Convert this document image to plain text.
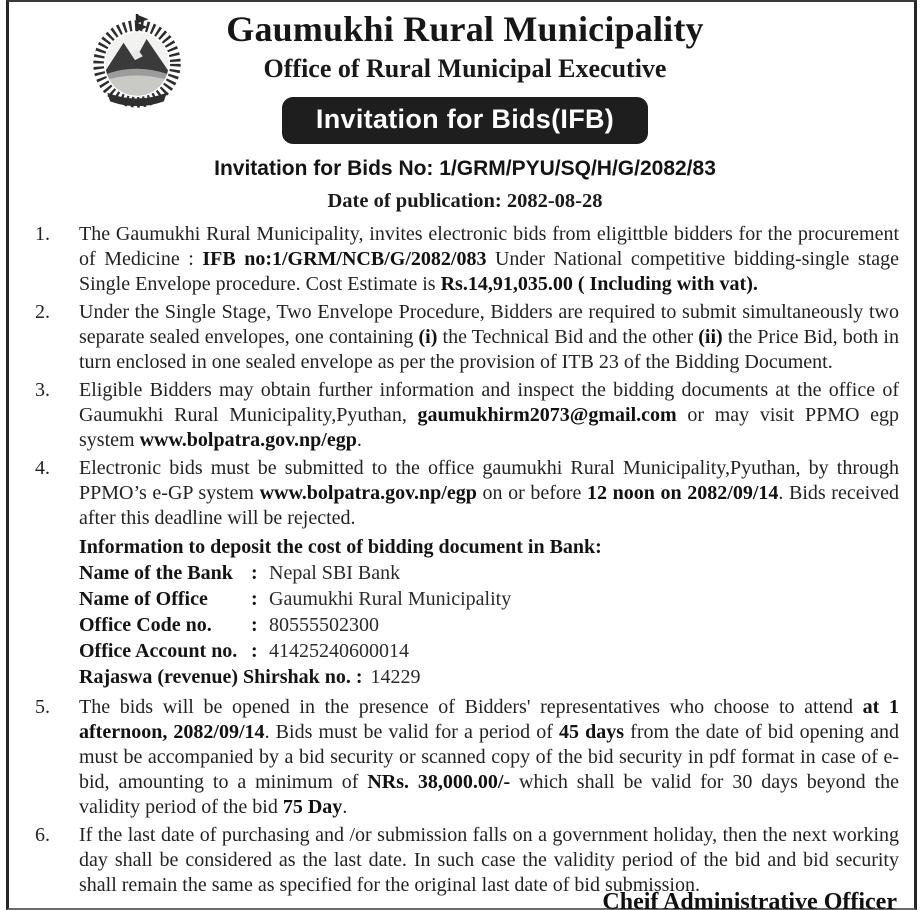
Gaumukhi Rural Municipality
Office of Rural Municipal Executive
Invitation for Bids(IFB)
Invitation for Bids No: 1/GRM/PYU/SQ/H/G/2082/83
Date of publication: 2082-08-28
1.	The Gaumukhi Rural Municipality, invites electronic bids from eligittble bidders for the procurement of Medicine : IFB no:1/GRM/NCB/G/2082/083 Under National competitive bidding-single stage Single Envelope procedure. Cost Estimate is Rs.14,91,035.00 ( Including with vat).
2.	Under the Single Stage, Two Envelope Procedure, Bidders are required to submit simultaneously two separate sealed envelopes, one containing (i) the Technical Bid and the other (ii) the Price Bid, both in turn enclosed in one sealed envelope as per the provision of ITB 23 of the Bidding Document.
3.	Eligible Bidders may obtain further information and inspect the bidding documents at the office of Gaumukhi Rural Municipality,Pyuthan, gaumukhirm2073@gmail.com or may visit PPMO egp system www.bolpatra.gov.np/egp.
4.	Electronic bids must be submitted to the office gaumukhi Rural Municipality,Pyuthan, by through PPMO’s e-GP system www.bolpatra.gov.np/egp on or before 12 noon on 2082/09/14. Bids received after this deadline will be rejected.
Information to deposit the cost of bidding document in Bank:
Name of the Bank : Nepal SBI Bank
Name of Office	: Gaumukhi Rural Municipality
Office Code no.	: 80555502300
Office Account no. : 41425240600014
Rajaswa (revenue) Shirshak no. : 14229
5.	The bids will be opened in the presence of Bidders' representatives who choose to attend at 1 afternoon, 2082/09/14. Bids must be valid for a period of 45 days from the date of bid opening and must be accompanied by a bid security or scanned copy of the bid security in pdf format in case of e-bid, amounting to a minimum of NRs. 38,000.00/- which shall be valid for 30 days beyond the validity period of the bid 75 Day.
6.	If the last date of purchasing and /or submission falls on a government holiday, then the next working day shall be considered as the last date. In such case the validity period of the bid and bid security shall remain the same as specified for the original last date of bid submission.
Cheif Administrative Officer
